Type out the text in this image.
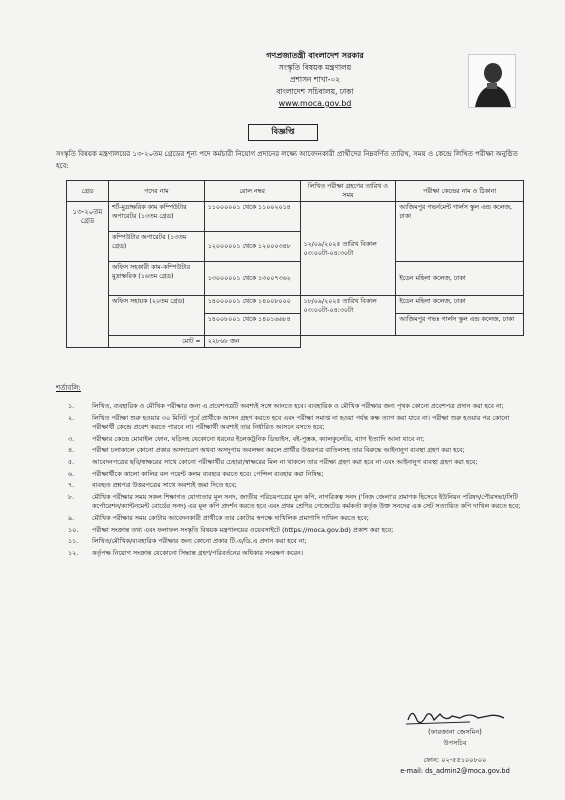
গণপ্রজাতন্ত্রী বাংলাদেশ সরকার
সংস্কৃতি বিষয়ক মন্ত্রণালয়
প্রশাসন শাখা-০২
বাংলাদেশ সচিবালয়, ঢাকা
www.moca.gov.bd
বিজ্ঞপ্তি
সংস্কৃতি বিষয়ক মন্ত্রণালয়ের ১৩-২০তম গ্রেডের শূন্য পদে কর্মচারী নিয়োগ প্রদানের লক্ষ্যে আবেদনকারী প্রার্থীদের নিম্নবর্ণিত তারিখ, সময় ও কেন্দ্রে লিখিত পরীক্ষা অনুষ্ঠিত হবে:
গ্রেড	পদের নাম	রোল নম্বর	লিখিত পরীক্ষা গ্রহণের তারিখ ও সময়	পরীক্ষা কেন্দ্রের নাম ও ঠিকানা
১৩-২০তম গ্রেড	শর্ট-মুদ্রাক্ষরিক কাম কম্পিউটার অপারেটর (১৩তম গ্রেড)	১১০০০০০১ থেকে ১১০০২০১৪	১২/০৯/২০২৫ তারিখ বিকাল ০৩:০০টা-০৪:৩০টা	আজিমপুর গভর্নমেন্ট গার্লস স্কুল এন্ড কলেজ, ঢাকা
	কম্পিউটার অপারেটর (১৩তম গ্রেড)	১২০০০০০১ থেকে ১২০০০৩৪৮		
	অফিস সহকারী কাম-কম্পিউটার মুদ্রাক্ষরিক (১৬তম গ্রেড)	১৩০০০০০১ থেকে ১৩০০৭৩৬২		ইডেন মহিলা কলেজ, ঢাকা
	অফিস সহায়ক (২০তম গ্রেড)	১৪০০০০০১ থেকে ১৪০০৮০০০	১৮/০৯/২০২৫ তারিখ বিকাল ০৩:০০টা-০৪:৩০টা	ইডেন মহিলা কলেজ, ঢাকা
		১৪০০৮০০১ থেকে ১৪০১৬৬৮৪		আজিমপুর গভঃ গার্লস স্কুল এন্ড কলেজ, ঢাকা
	মোট =	২২৮৬৮ জন		
শর্তাবলি:
১.	লিখিত, ব্যবহারিক ও মৌখিক পরীক্ষার জন্য এ প্রবেশপত্রটি অবশ্যই সঙ্গে আনতে হবে। ব্যবহারিক ও মৌখিক পরীক্ষার জন্য পৃথক কোনো প্রবেশপত্র প্রদান করা হবে না;
২.	লিখিত পরীক্ষা শুরু হওয়ার ৩০ মিনিট পূর্বে প্রার্থীকে আসন গ্রহণ করতে হবে এবং পরীক্ষা সমাপ্ত না হওয়া পর্যন্ত কক্ষ ত্যাগ করা যাবে না। পরীক্ষা শুরু হওয়ার পর কোনো পরীক্ষার্থী কেন্দ্রে প্রবেশ করতে পারবে না। পরীক্ষার্থী অবশ্যই তার নির্ধারিত আসনে বসতে হবে;
৩.	পরীক্ষার কেন্দ্রে মোবাইল ফোন, ঘড়িসহ যেকোনো ধরনের ইলেকট্রনিক ডিভাইস, বই-পুস্তক, ক্যালকুলেটর, ব্যাগ ইত্যাদি আনা যাবে না;
৪.	পরীক্ষা চলাকালে কোনো প্রকার অসদাচরণ অথবা অসদুপায় অবলম্বন করলে প্রার্থীর উত্তরপত্র বাতিলসহ তার বিরুদ্ধে আইনানুগ ব্যবস্থা গ্রহণ করা হবে;
৫.	আবেদনপত্রের ছবি/স্বাক্ষরের সাথে কোনো পরীক্ষার্থীর চেহারা/স্বাক্ষরের মিল না থাকলে তার পরীক্ষা গ্রহণ করা হবে না এবং আইনানুগ ব্যবস্থা গ্রহণ করা হবে;
৬.	পরীক্ষার্থীকে কালো কালির বল পয়েন্ট কলম ব্যবহার করতে হবে। পেন্সিল ব্যবহার করা নিষিদ্ধ;
৭.	ব্যবহৃত প্রশ্নপত্র উত্তরপত্রের সাথে অবশ্যই জমা দিতে হবে;
৮.	মৌখিক পরীক্ষার সময় সকল শিক্ষাগত যোগ্যতার মূল সনদ, জাতীয় পরিচয়পত্রের মূল কপি, নাগরিকত্ব সনদ ('নিজ জেলা'র প্রমাণক হিসেবে ইউনিয়ন পরিষদ/পৌরসভা/সিটি কর্পোরেশন/ক্যান্টনমেন্ট বোর্ডের সনদ) এর মূল কপি প্রদর্শন করতে হবে এবং প্রথম শ্রেণির গেজেটেড কর্মকর্তা কর্তৃক উক্ত সনদের এক সেট সত্যায়িত কপি দাখিল করতে হবে;
৯.	মৌখিক পরীক্ষার সময় কোটায় আবেদনকারী প্রার্থীকে তার কোটার স্বপক্ষে দাখিলিক প্রমাণাদি দাখিল করতে হবে;
১০.	পরীক্ষা সংক্রান্ত তথ্য এবং ফলাফল সংস্কৃতি বিষয়ক মন্ত্রণালয়ের ওয়েবসাইটে (https://moca.gov.bd) প্রকাশ করা হবে;
১১.	লিখিত/মৌখিক/ব্যবহারিক পরীক্ষার জন্য কোনো প্রকার টি.এ/ডি.এ প্রদান করা হবে না;
১২.	কর্তৃপক্ষ নিয়োগ সংক্রান্ত যেকোনো সিদ্ধান্ত গ্রহণ/পরিবর্তনের অধিকার সংরক্ষণ করেন।
(ফারজানা জেসমিন)
উপসচিব
ফোন: ০২-৫৫১০০৮০০
e-mail: ds_admin2@moca.gov.bd
